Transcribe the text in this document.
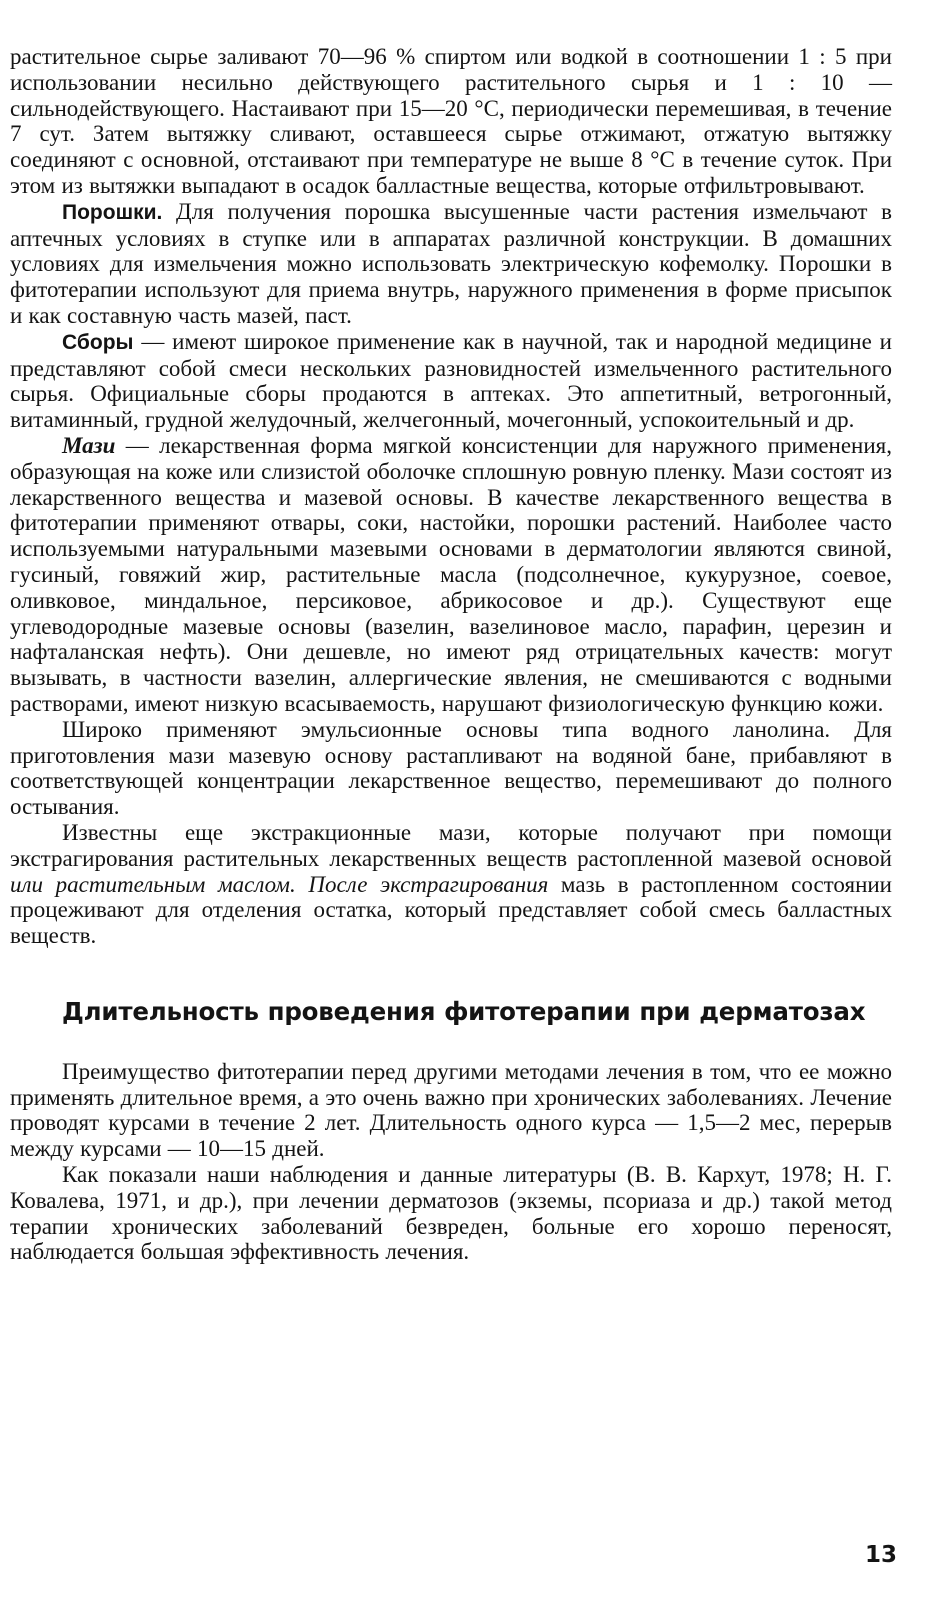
растительное сырье заливают 70—96 % спиртом или водкой в соотношении 1 : 5 при использовании несильно действующего растительного сырья и 1 : 10 — сильнодействующего. Настаивают при 15—20 °С, периодически перемешивая, в течение 7 сут. Затем вытяжку сливают, оставшееся сырье отжимают, отжатую вытяжку соединяют с основной, отстаивают при температуре не выше 8 °С в течение суток. При этом из вытяжки выпадают в осадок балластные вещества, которые отфильтровывают.

Порошки. Для получения порошка высушенные части растения измельчают в аптечных условиях в ступке или в аппаратах различной конструкции. В домашних условиях для измельчения можно использовать электрическую кофемолку. Порошки в фитотерапии используют для приема внутрь, наружного применения в форме присыпок и как составную часть мазей, паст.

Сборы — имеют широкое применение как в научной, так и народной медицине и представляют собой смеси нескольких разновидностей измельченного растительного сырья. Официальные сборы продаются в аптеках. Это аппетитный, ветрогонный, витаминный, грудной желудочный, желчегонный, мочегонный, успокоительный и др.

Мази — лекарственная форма мягкой консистенции для наружного применения, образующая на коже или слизистой оболочке сплошную ровную пленку. Мази состоят из лекарственного вещества и мазевой основы. В качестве лекарственного вещества в фитотерапии применяют отвары, соки, настойки, порошки растений. Наиболее часто используемыми натуральными мазевыми основами в дерматологии являются свиной, гусиный, говяжий жир, растительные масла (подсолнечное, кукурузное, соевое, оливковое, миндальное, персиковое, абрикосовое и др.). Существуют еще углеводородные мазевые основы (вазелин, вазелиновое масло, парафин, церезин и нафталанская нефть). Они дешевле, но имеют ряд отрицательных качеств: могут вызывать, в частности вазелин, аллергические явления, не смешиваются с водными растворами, имеют низкую всасываемость, нарушают физиологическую функцию кожи.

Широко применяют эмульсионные основы типа водного ланолина. Для приготовления мази мазевую основу растапливают на водяной бане, прибавляют в соответствующей концентрации лекарственное вещество, перемешивают до полного остывания.

Известны еще экстракционные мази, которые получают при помощи экстрагирования растительных лекарственных веществ растопленной мазевой основой или растительным маслом. После экстрагирования мазь в растопленном состоянии процеживают для отделения остатка, который представляет собой смесь балластных веществ.

Длительность проведения фитотерапии при дерматозах

Преимущество фитотерапии перед другими методами лечения в том, что ее можно применять длительное время, а это очень важно при хронических заболеваниях. Лечение проводят курсами в течение 2 лет. Длительность одного курса — 1,5—2 мес, перерыв между курсами — 10—15 дней.

Как показали наши наблюдения и данные литературы (В. В. Кархут, 1978; Н. Г. Ковалева, 1971, и др.), при лечении дерматозов (экземы, псориаза и др.) такой метод терапии хронических заболеваний безвреден, больные его хорошо переносят, наблюдается большая эффективность лечения.

13
